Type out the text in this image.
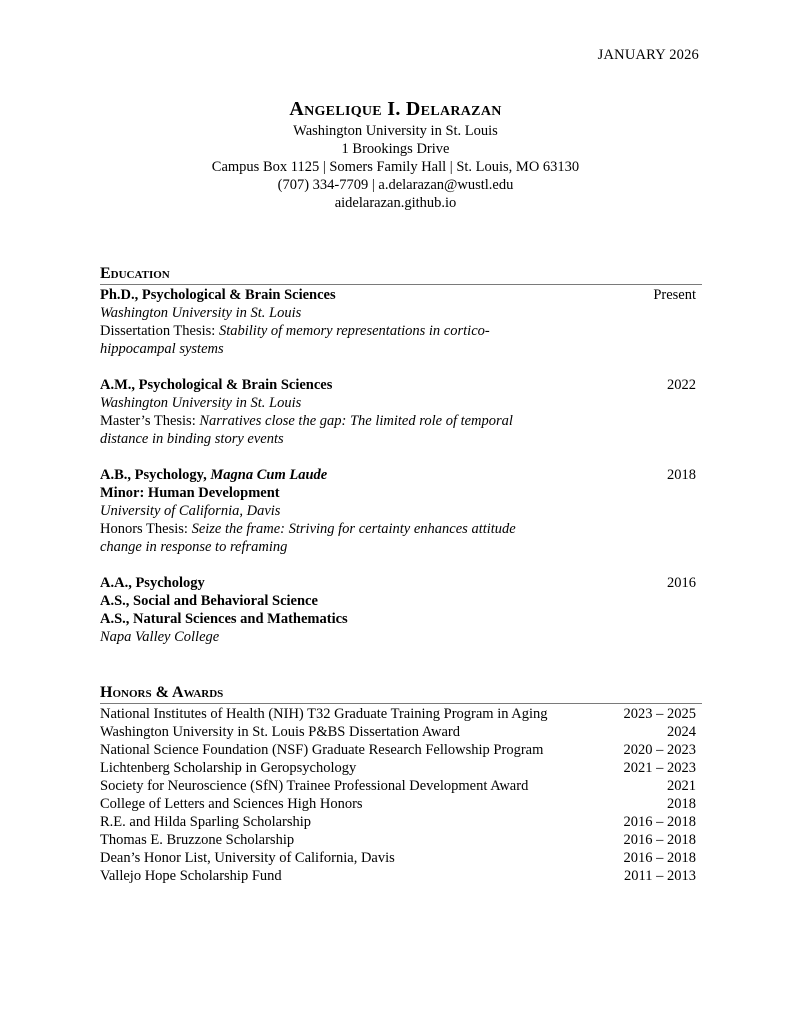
JANUARY 2026
Angelique I. Delarazan
Washington University in St. Louis
1 Brookings Drive
Campus Box 1125 | Somers Family Hall | St. Louis, MO 63130
(707) 334-7709 | a.delarazan@wustl.edu
aidelarazan.github.io
Education
Ph.D., Psychological & Brain Sciences	Present
Washington University in St. Louis
Dissertation Thesis: Stability of memory representations in cortico-hippocampal systems
A.M., Psychological & Brain Sciences	2022
Washington University in St. Louis
Master’s Thesis: Narratives close the gap: The limited role of temporal distance in binding story events
A.B., Psychology, Magna Cum Laude	2018
Minor: Human Development
University of California, Davis
Honors Thesis: Seize the frame: Striving for certainty enhances attitude change in response to reframing
A.A., Psychology	2016
A.S., Social and Behavioral Science
A.S., Natural Sciences and Mathematics
Napa Valley College
Honors & Awards
National Institutes of Health (NIH) T32 Graduate Training Program in Aging	2023 – 2025
Washington University in St. Louis P&BS Dissertation Award	2024
National Science Foundation (NSF) Graduate Research Fellowship Program	2020 – 2023
Lichtenberg Scholarship in Geropsychology	2021 – 2023
Society for Neuroscience (SfN) Trainee Professional Development Award	2021
College of Letters and Sciences High Honors	2018
R.E. and Hilda Sparling Scholarship	2016 – 2018
Thomas E. Bruzzone Scholarship	2016 – 2018
Dean’s Honor List, University of California, Davis	2016 – 2018
Vallejo Hope Scholarship Fund	2011 – 2013
